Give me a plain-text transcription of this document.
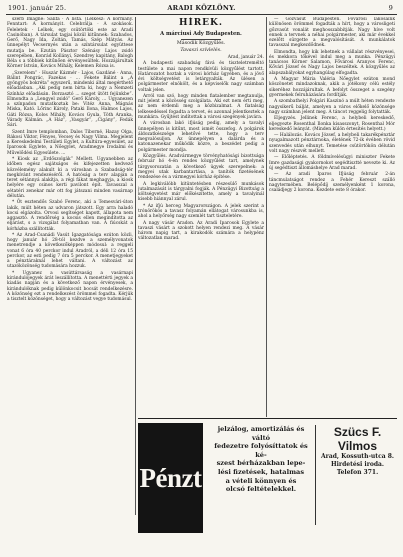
1901. január 25.	ARADI KÖZLÖNY.	9

szerb Imagne: Salifa · A lista. (Lelkész: A kormány. Fenntart: A kormányit. Celebrálja · A szokások. Feleletek · Lelkek, egy csütörtöki este az Aradi Casinóban). A társulat tagjai közül kitűnnek: Szabados, Gerő, Nagy Ida, Zoltán, Tamás, Szép Mátyás. Az ünnepélyt Vecsernyés után a színtársulat együttese mutatja be. Ezután Pásztor Szénásy Lajos zsidó szerepében, Konrád Kollányi, Szendrey kapitány, Balogh Béla s a többiek kitűnően érvényesültek. Hozzájárultak Körner István, Kovács Mihály, Kelemen Rózsa is.

„Szerelem” · Huszár Kázmér · Lajos, Gazdáné · Anna, Bálint Pongrác, Fazekas · ... Fekete Bálint a „A gyöngyös bokréta” egyszerű, mindenki által megérthető előadásban. „Aki pedig nem bírta ki, hogy a Nemzeti Színház előadásán. Borzasztó ... szeget ütött fejünkbe”. Elmondta a „Lengyel zsidó” Gerő Károly, ... Ugyanezen a színpadon mutatkoztak be: Vitéz Anna, Mágnás Miska, Kató. Lőrinc Károly, Pataki Ilona, Halmos Lajos, Gáti Rózsa, Kolos Mihály, Kovács Gyula, Tóth Aranka, Várady Kálmán. „A Ház”, „Vasgyár”, „Cigány”, Fedák Sári.

Szent Imre templomban, Dalos Tiborné, Hazay Olga, Rákosi Viktor, Fényes, Vecsey és Nagy Vilma. Megjelent a Kereskedelmi Testületi Egylet, a Kultúra-egyesület, az Iparosok Egylete, a Nőegylet, Aradmegye Irodalmi és Művelődési Egyesülete. ...

* Kiosk az „Erdőszolgák” Mellett. Ugyanebben az időben egész sajátságos és kifejezetten kedvező közvélemény alakult ki a városban a Szabadság-tér megkívánt rendezéséről. A hatóság a terv alapján a teret sétánnyá alakítja, a régi fákat meghagyja, a kiosk helyére egy csinos kerti pavilont épít. Tavasszal a sétatéri zenekar már ott fog játszani minden vasárnap délután.

* Öt esztendős Szabó Ferenc, aki a Temesvári-úton lakik, múlt héten az udvaron játszott. Egy arra haladó kocsi elgázolta. Orvosi segítséget kapott, állapota nem aggasztó. A rendőrség a kocsis ellen megindította az eljárást, s a vizsgálat folyamatban van. A fiúcskát a kórházba szállították.

* Az Arad-Csanádi Vasút Igazgatósága ezúton közli, hogy január hó 28-tól kezdve a személyvonatok menetrendje a következőképpen módosul: a reggeli vonat 6 óra 40 perckor indul Aradról, a déli 12 óra 15 perckor, az esti pedig 7 óra 5 perckor. A menetjegyeket a pénztáraknál lehet váltani. A változást az utazóközönség tudomására hozzuk.

* Ugyanez a vasúttársaság a vasárnapi kirándulójegyek árát leszállította. A menettérti jegyek a kiadás napján és a következő napon érvényesek, a kirándulóknak pedig különkocsit bocsát rendelkezésre. A közönség ezt a rendelkezést örömmel fogadta. Kérjük a tisztelt közönséget, hogy a változást vegye tudomásul.

HÍREK.
A márciusi Ady Budapesten.
Második Közgyűlés.
Tavaszi szívlelés.
Arad, január 24.

A budapesti szabadság fává és tiszteletreméltó testülete a mai napon rendkívüli közgyűlést tartott. Határozatot hoztak a városi kórház ügyében, és a jövő évi költségvetést is letárgyalták. Az ülésen a polgármester elnökölt, és a képviselők nagy számban voltak jelen.

Arról van szó, hogy minden fiatalember megtanulja, mit jelent a közösség szolgálata. Aki ezt nem érti meg, az nem érdemli meg a közbizalmat. A fiatalság lelkesedéssel fogadta a tervet, és azonnal jelentkeztek a munkára. Gyűjtést indítottak a városi szegények javára.

A városban lakó ifjúság pedig, amely a tavalyi ünnepélyen is kitűnt, most ismét összefog. A polgárok áldozatkészsége lehetővé tette, hogy a terv megvalósuljon. Az ünnepélyen a dalárda és a katonazenekar működik közre, a beszédet pedig a polgármester mondja.

Közgyűlés. Aradvármegye törvényhatósági bizottsága február hó 4-én rendes közgyűlést tart, amelynek tárgysorozatán a következő ügyek szerepelnek: a megyei utak karbantartása, a tanítók fizetésének rendezése és a vármegyei kórház építése.

A legkiválóbb kitüntetésben részesülő munkások jutalmazását is tárgyalni fogják. A Pénzügyi Bizottság a költségvetést már előkészítette, amely a tavalyinál kisebb hiánnyal zárul.

* Az ifjú herceg Magyarországon. A jelek szerint a trónörökös a tavasz folyamán ellátogat városunkba is, ahol a helyőrség nagy szemlét tart tiszteletére.

A nagy vásár Aradon. Az Aradi Iparosok Egylete a tavaszi vásárt a szokott helyen rendezi meg. A vásár három napig tart, a kirakodók számára a helypénz változatlan marad.

— Gőzvasút Budapesten. Fővárosi lakosaink különösen örömmel fogadták a hírt, hogy a városligeti gőzvasút vonalát meghosszabbítják. Nagy híve volt ennek a tervnek a néhai polgármester, aki már évekkel ezelőtt sürgette a megvalósítását. A munkálatok tavasszal megkezdődnek.

Elmondta, hogy kik lehetnek a vállalat részvényesei, és mekkora tőkével indul meg a munka. Pénzügyi tanácsos Körner Salamon, Fővárosi Aranyos Ferenc, Kővári József és Nagy Lajos beszéltek. A közgyűlés az alapszabályokat egyhangúlag elfogadta.

A Magyar Mária Valéria Nőegylet ezúton mond köszönetet mindazoknak, akik a jótékony célú estély sikeréhez hozzájárultak. A befolyt összeget a szegény gyermekek felruházására fordítják.

A szombathelyi Polgári Kaszinó a múlt héten rendezte nagysikerű bálját, amelyen a város előkelő közönsége nagy számban jelent meg. A táncot reggelig folytatták.

Eljegyzés. Jellinek Ferenc, a helybeli kereskedő, eljegyezte Rosenthal Ilonka kisasszonyt, Rosenthal Mór kereskedő leányát. (Minden külön értesítés helyett.)

— Halálozás. Kovács József, a helybeli takarékpénztár nyugalmazott pénztárnoka, életének 72-ik évében rövid szenvedés után elhunyt. Temetése csütörtökön délután volt nagy részvét mellett.

— Előléptetés. A földmívelésügyi miniszter Fekete Imre gazdasági gyakornokot segédtisztté nevezte ki. Az új segédtiszt állomáshelye Arad marad.

— Az aradi Iparos Ifjúság február 2-án táncmulatságot rendez a Fehér Kereszt szálló nagytermében. Belépődíj személyenként 1 korona, családjegy 2 korona. Kezdete este 8 órakor.

Pénzt
jelzálog, amortizálás és váltó
fedezetre folyósíttatok és ké-
szest bérházakban lepe-
lési fizetések, hatalmas
a vételi könnyen és
olcsó feltételekkel.
Szücs F. Vilmos
Arad, Kossuth-utca 8.
Hirdetési iroda.
Telefon 371.
